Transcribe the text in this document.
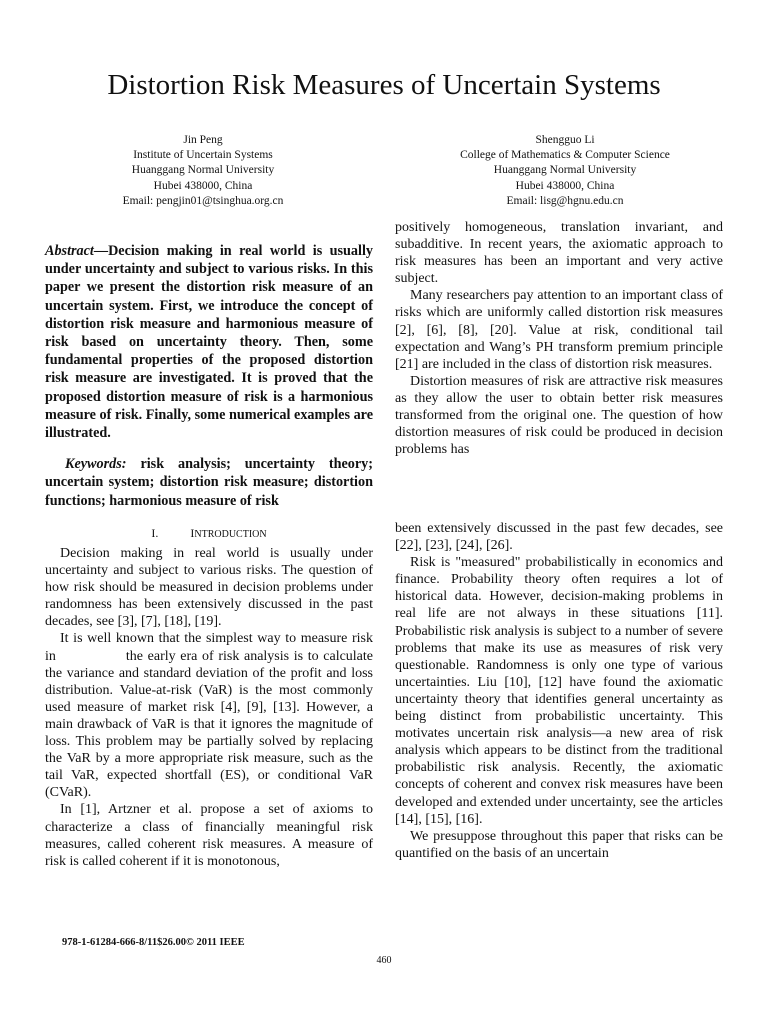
Distortion Risk Measures of Uncertain Systems
Jin Peng
Institute of Uncertain Systems
Huanggang Normal University
Hubei 438000, China
Email: pengjin01@tsinghua.org.cn
Shengguo Li
College of Mathematics & Computer Science
Huanggang Normal University
Hubei 438000, China
Email: lisg@hgnu.edu.cn

Abstract—Decision making in real world is usually under uncertainty and subject to various risks. In this paper we present the distortion risk measure of an uncertain system. First, we introduce the concept of distortion risk measure and harmonious measure of risk based on uncertainty theory. Then, some fundamental properties of the proposed distortion risk measure are investigated. It is proved that the proposed distortion measure of risk is a harmonious measure of risk. Finally, some numerical examples are illustrated.

Keywords: risk analysis; uncertainty theory; uncertain system; distortion risk measure; distortion functions; harmonious measure of risk

I.	INTRODUCTION

Decision making in real world is usually under uncertainty and subject to various risks. The question of how risk should be measured in decision problems under randomness has been extensively discussed in the past decades, see [3], [7], [18], [19].

It is well known that the simplest way to measure risk in	the early era of risk analysis is to calculate the variance and standard deviation of the profit and loss distribution. Value-at-risk (VaR) is the most commonly used measure of market risk [4], [9], [13]. However, a main drawback of VaR is that it ignores the magnitude of loss. This problem may be partially solved by replacing the VaR by a more appropriate risk measure, such as the tail VaR, expected shortfall (ES), or conditional VaR (CVaR).

In [1], Artzner et al. propose a set of axioms to characterize a class of financially meaningful risk measures, called coherent risk measures. A measure of risk is called coherent if it is monotonous,

positively homogeneous, translation invariant, and subadditive. In recent years, the axiomatic approach to risk measures has been an important and very active subject.

Many researchers pay attention to an important class of risks which are uniformly called distortion risk measures [2], [6], [8], [20]. Value at risk, conditional tail expectation and Wang’s PH transform premium principle [21] are included in the class of distortion risk measures.

Distortion measures of risk are attractive risk measures as they allow the user to obtain better risk measures transformed from the original one. The question of how distortion measures of risk could be produced in decision problems has

been extensively discussed in the past few decades, see [22], [23], [24], [26].

Risk is "measured" probabilistically in economics and finance. Probability theory often requires a lot of historical data. However, decision-making problems in real life are not always in these situations [11]. Probabilistic risk analysis is subject to a number of severe problems that make its use as measures of risk very questionable. Randomness is only one type of various uncertainties. Liu [10], [12] have found the axiomatic uncertainty theory that identifies general uncertainty as being distinct from probabilistic uncertainty. This motivates uncertain risk analysis—a new area of risk analysis which appears to be distinct from the traditional probabilistic risk analysis. Recently, the axiomatic concepts of coherent and convex risk measures have been developed and extended under uncertainty, see the articles [14], [15], [16].

We presuppose throughout this paper that risks can be quantified on the basis of an uncertain

978-1-61284-666-8/11$26.00© 2011 IEEE
460
